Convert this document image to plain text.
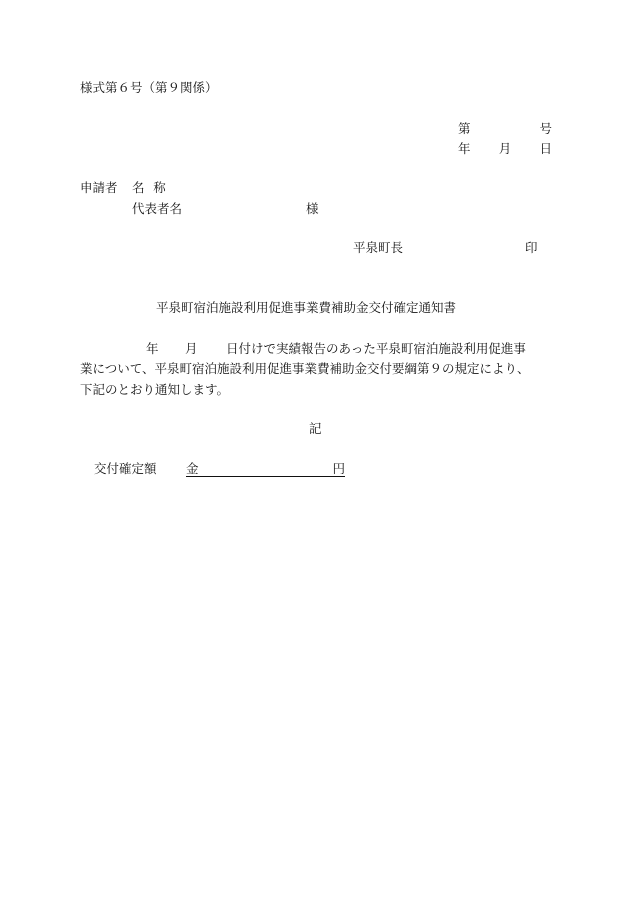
様式第６号（第９関係）
第	号
年 月 日
申請者 名称
代表者名	様
平泉町長	印
平泉町宿泊施設利用促進事業費補助金交付確定通知書
年 月 日付けで実績報告のあった平泉町宿泊施設利用促進事
業について、平泉町宿泊施設利用促進事業費補助金交付要綱第９の規定により、
下記のとおり通知します。
記
交付確定額 金	円
